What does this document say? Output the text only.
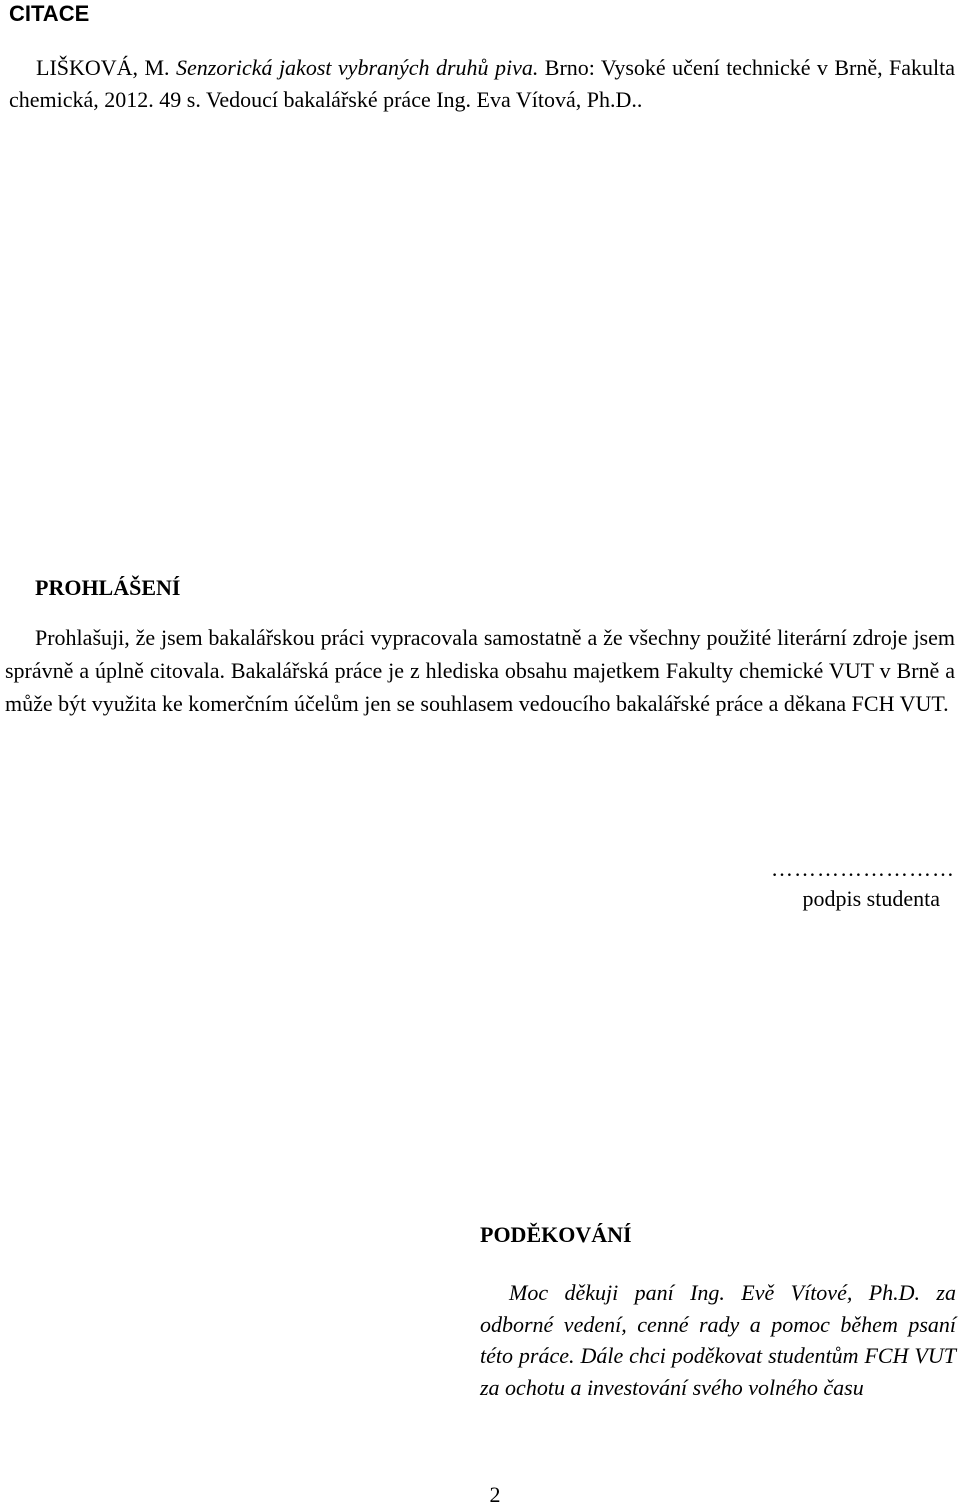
CITACE
LIŠKOVÁ, M. Senzorická jakost vybraných druhů piva. Brno: Vysoké učení technické v Brně, Fakulta chemická, 2012. 49 s. Vedoucí bakalářské práce Ing. Eva Vítová, Ph.D..
PROHLÁŠENÍ
Prohlašuji, že jsem bakalářskou práci vypracovala samostatně a že všechny použité literární zdroje jsem správně a úplně citovala. Bakalářská práce je z hlediska obsahu majetkem Fakulty chemické VUT v Brně a může být využita ke komerčním účelům jen se souhlasem vedoucího bakalářské práce a děkana FCH VUT.
……………………
podpis studenta
PODĚKOVÁNÍ
Moc děkuji paní Ing. Evě Vítové, Ph.D. za odborné vedení, cenné rady a pomoc během psaní této práce. Dále chci poděkovat studentům FCH VUT za ochotu a investování svého volného času
2
